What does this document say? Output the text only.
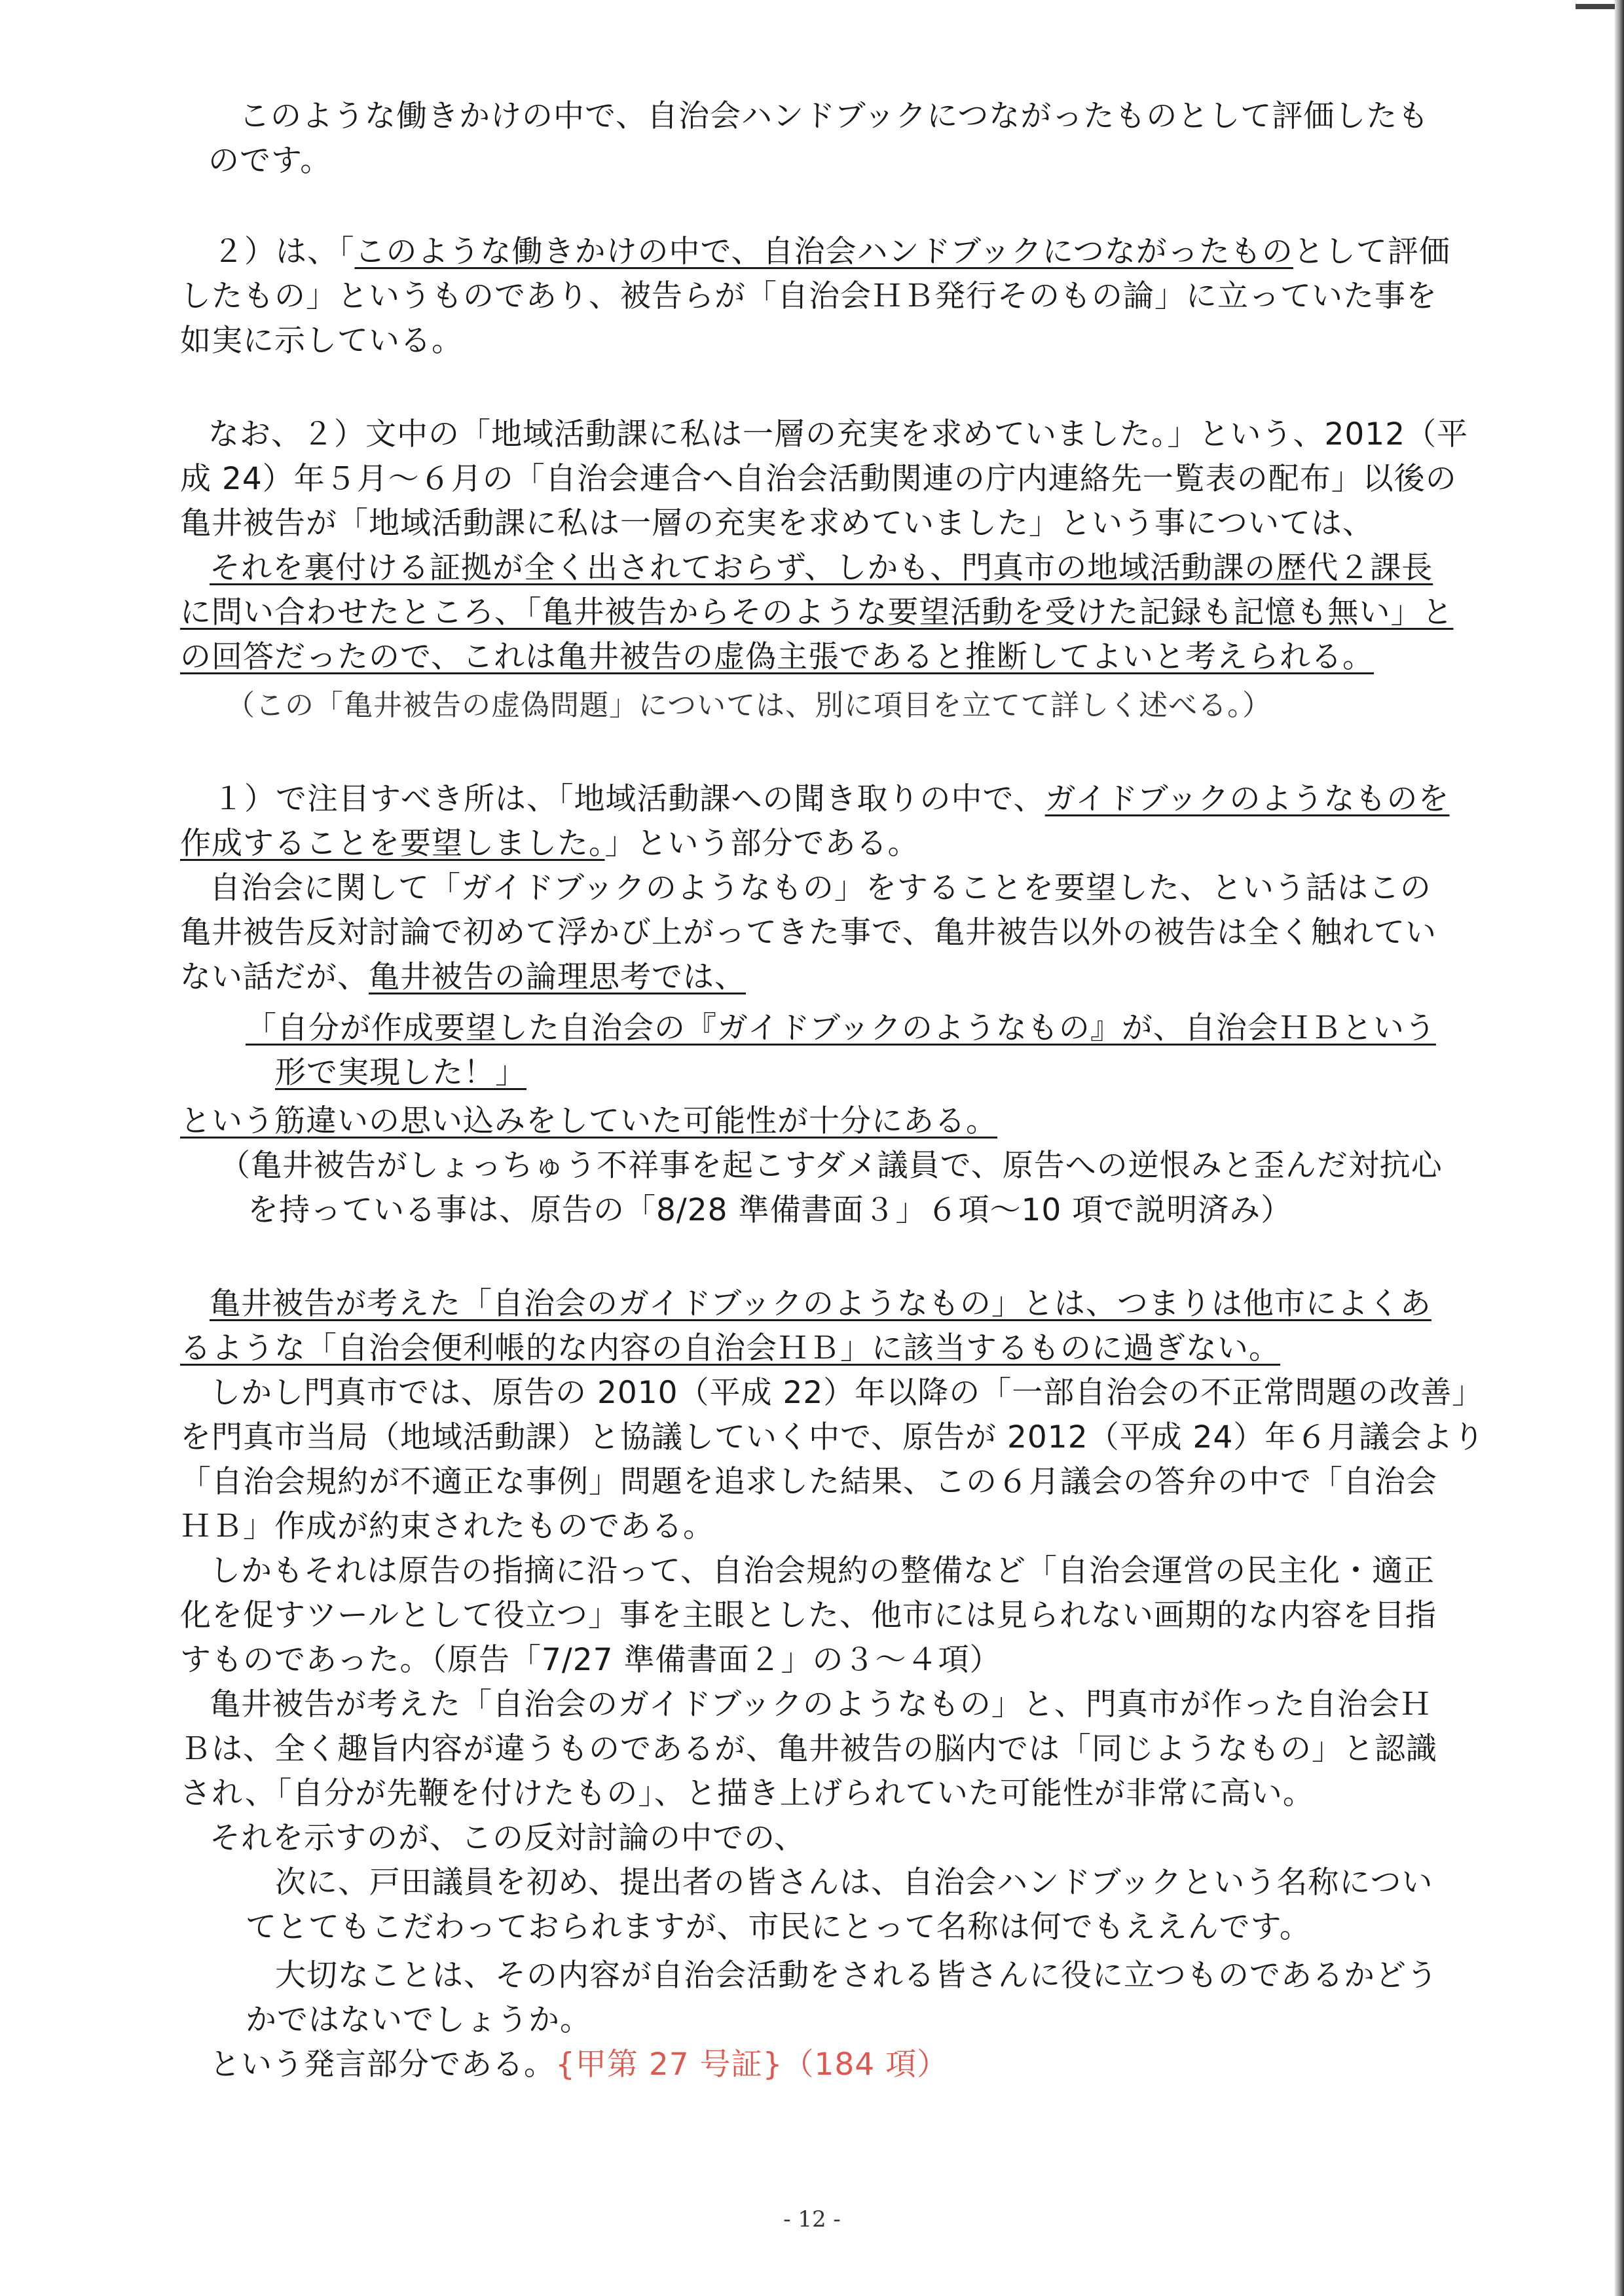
このような働きかけの中で、自治会ハンドブックにつながったものとして評価したも
のです。
２）は、「このような働きかけの中で、自治会ハンドブックにつながったものとして評価
したもの」というものであり、被告らが「自治会ＨＢ発行そのもの論」に立っていた事を
如実に示している。
なお、２）文中の「地域活動課に私は一層の充実を求めていました。」という、2012（平
成 24）年５月～６月の「自治会連合へ自治会活動関連の庁内連絡先一覧表の配布」以後の
亀井被告が「地域活動課に私は一層の充実を求めていました」という事については、
それを裏付ける証拠が全く出されておらず、しかも、門真市の地域活動課の歴代２課長
に問い合わせたところ、「亀井被告からそのような要望活動を受けた記録も記憶も無い」と
の回答だったので、これは亀井被告の虚偽主張であると推断してよいと考えられる。
（この「亀井被告の虚偽問題」については、別に項目を立てて詳しく述べる。）
１）で注目すべき所は、「地域活動課への聞き取りの中で、ガイドブックのようなものを
作成することを要望しました。」という部分である。
自治会に関して「ガイドブックのようなもの」をすることを要望した、という話はこの
亀井被告反対討論で初めて浮かび上がってきた事で、亀井被告以外の被告は全く触れてい
ない話だが、亀井被告の論理思考では、
「自分が作成要望した自治会の『ガイドブックのようなもの』が、自治会ＨＢという
形で実現した！」
という筋違いの思い込みをしていた可能性が十分にある。
（亀井被告がしょっちゅう不祥事を起こすダメ議員で、原告への逆恨みと歪んだ対抗心
を持っている事は、原告の「8/28 準備書面３」６項～10 項で説明済み）
亀井被告が考えた「自治会のガイドブックのようなもの」とは、つまりは他市によくあ
るような「自治会便利帳的な内容の自治会ＨＢ」に該当するものに過ぎない。
しかし門真市では、原告の 2010（平成 22）年以降の「一部自治会の不正常問題の改善」
を門真市当局（地域活動課）と協議していく中で、原告が 2012（平成 24）年６月議会より
「自治会規約が不適正な事例」問題を追求した結果、この６月議会の答弁の中で「自治会
ＨＢ」作成が約束されたものである。
しかもそれは原告の指摘に沿って、自治会規約の整備など「自治会運営の民主化・適正
化を促すツールとして役立つ」事を主眼とした、他市には見られない画期的な内容を目指
すものであった。（原告「7/27 準備書面２」の３～４項）
亀井被告が考えた「自治会のガイドブックのようなもの」と、門真市が作った自治会Ｈ
Ｂは、全く趣旨内容が違うものであるが、亀井被告の脳内では「同じようなもの」と認識
され、「自分が先鞭を付けたもの」、と描き上げられていた可能性が非常に高い。
それを示すのが、この反対討論の中での、
次に、戸田議員を初め、提出者の皆さんは、自治会ハンドブックという名称につい
てとてもこだわっておられますが、市民にとって名称は何でもええんです。
大切なことは、その内容が自治会活動をされる皆さんに役に立つものであるかどう
かではないでしょうか。
という発言部分である。{甲第 27 号証}（184 項）
- 12 -
